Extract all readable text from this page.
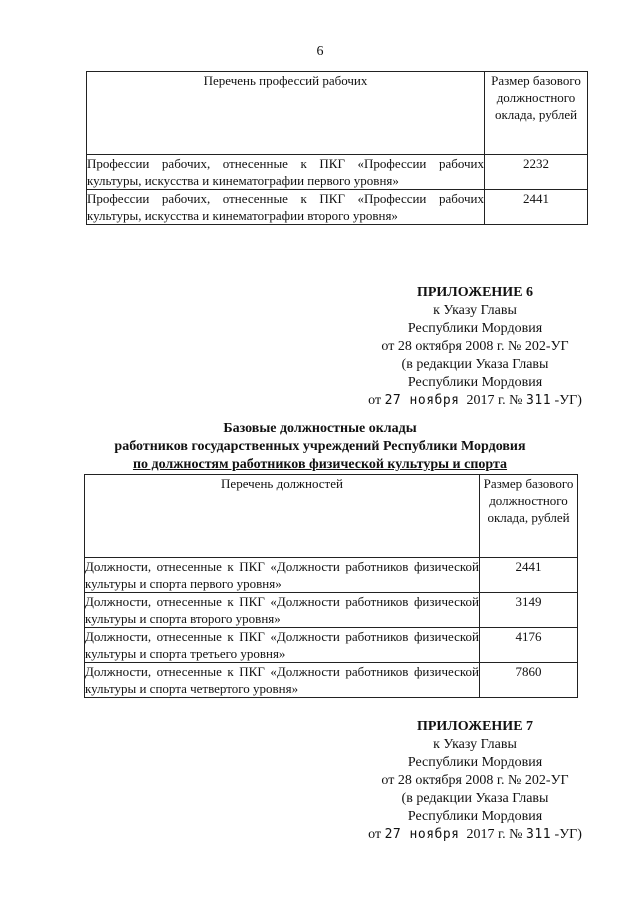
6
Перечень профессий рабочих	Размер базового должностного оклада, рублей
Профессии рабочих, отнесенные к ПКГ «Профессии рабочих культуры, искусства и кинематографии первого уровня»	2232
Профессии рабочих, отнесенные к ПКГ «Профессии рабочих культуры, искусства и кинематографии второго уровня»	2441
ПРИЛОЖЕНИЕ 6
к Указу Главы
Республики Мордовия
от 28 октября 2008 г. № 202-УГ
(в редакции Указа Главы
Республики Мордовия
от 27 ноября 2017 г. № 311 -УГ)
Базовые должностные оклады
работников государственных учреждений Республики Мордовия
по должностям работников физической культуры и спорта
Перечень должностей	Размер базового должностного оклада, рублей
Должности, отнесенные к ПКГ «Должности работников физической культуры и спорта первого уровня»	2441
Должности, отнесенные к ПКГ «Должности работников физической культуры и спорта второго уровня»	3149
Должности, отнесенные к ПКГ «Должности работников физической культуры и спорта третьего уровня»	4176
Должности, отнесенные к ПКГ «Должности работников физической культуры и спорта четвертого уровня»	7860
ПРИЛОЖЕНИЕ 7
к Указу Главы
Республики Мордовия
от 28 октября 2008 г. № 202-УГ
(в редакции Указа Главы
Республики Мордовия
от 27 ноября 2017 г. № 311 -УГ)
